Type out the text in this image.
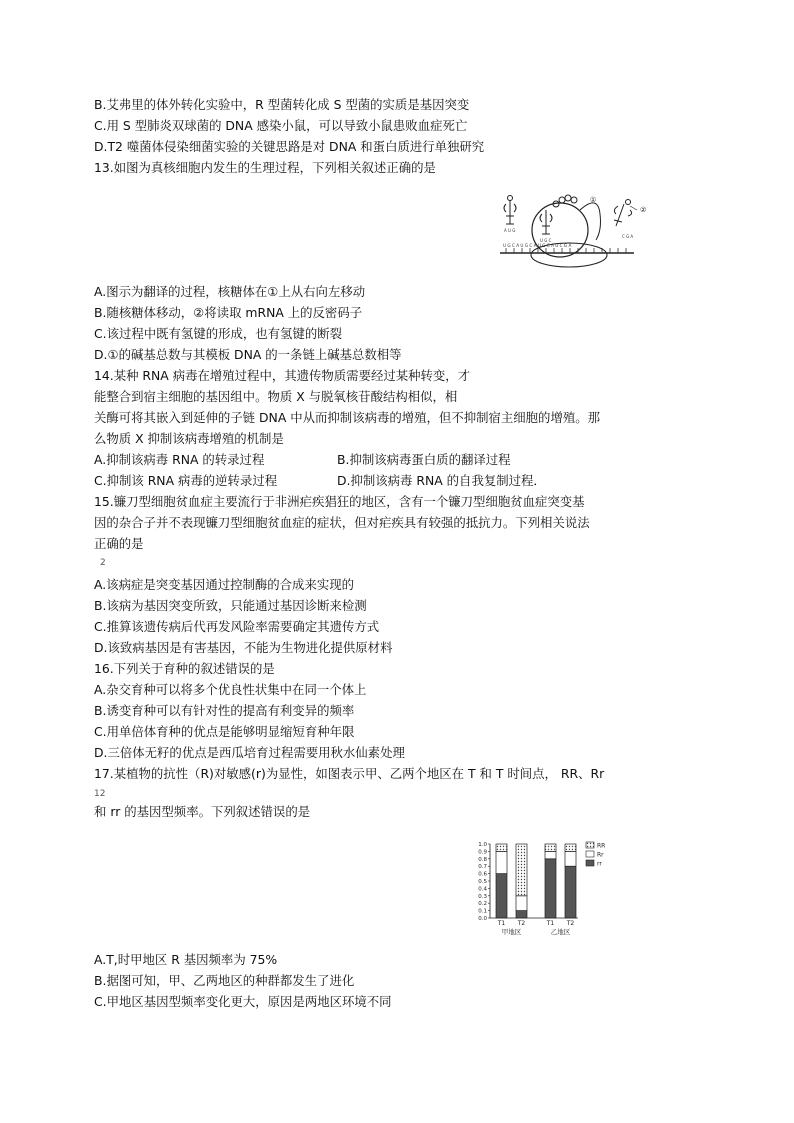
B.艾弗里的体外转化实验中，R 型菌转化成 S 型菌的实质是基因突变
C.用 S 型肺炎双球菌的 DNA 感染小鼠，可以导致小鼠患败血症死亡
D.T2 噬菌体侵染细菌实验的关键思路是对 DNA 和蛋白质进行单独研究
13.如图为真核细胞内发生的生理过程，下列相关叙述正确的是
A.图示为翻译的过程，核糖体在①上从右向左移动
B.随核糖体移动，②将读取 mRNA 上的反密码子
C.该过程中既有氢键的形成，也有氢键的断裂
D.①的碱基总数与其模板 DNA 的一条链上碱基总数相等
14.某种 RNA 病毒在增殖过程中，其遗传物质需要经过某种转变，才
能整合到宿主细胞的基因组中。物质 X 与脱氧核苷酸结构相似，相
关酶可将其嵌入到延伸的子链 DNA 中从而抑制该病毒的增殖，但不抑制宿主细胞的增殖。那
么物质 X 抑制该病毒增殖的机制是
A.抑制该病毒 RNA 的转录过程	B.抑制该病毒蛋白质的翻译过程
C.抑制该 RNA 病毒的逆转录过程	D.抑制该病毒 RNA 的自我复制过程．
15.镰刀型细胞贫血症主要流行于非洲疟疾猖狂的地区，含有一个镰刀型细胞贫血症突变基
因的杂合子并不表现镰刀型细胞贫血症的症状，但对疟疾具有较强的抵抗力。下列相关说法
正确的是
2
A.该病症是突变基因通过控制酶的合成来实现的
B.该病为基因突变所致，只能通过基因诊断来检测
C.推算该遗传病后代再发风险率需要确定其遗传方式
D.该致病基因是有害基因，不能为生物进化提供原材料
16.下列关于育种的叙述错误的是
A.杂交育种可以将多个优良性状集中在同一个体上
B.诱变育种可以有针对性的提高有利变异的频率
C.用单倍体育种的优点是能够明显缩短育种年限
D.三倍体无籽的优点是西瓜培育过程需要用秋水仙素处理
17.某植物的抗性（R)对敏感(r)为显性，如图表示甲、乙两个地区在 T 和 T 时间点， RR、Rr
12
和 rr 的基因型频率。下列叙述错误的是
A.T,时甲地区 R 基因频率为 75%
B.据图可知，甲、乙两地区的种群都发生了进化
C.甲地区基因型频率变化更大，原因是两地区环境不同
U G C A U G C A U G C A U C G A
A U G
U G C
C G A
①
②
1.0
0.9
0.8
0.7
0.6
0.5
0.4
0.3
0.2
0.1
0.0
T1 T2	T1 T2
甲地区	乙地区
RR
Rr
rr
